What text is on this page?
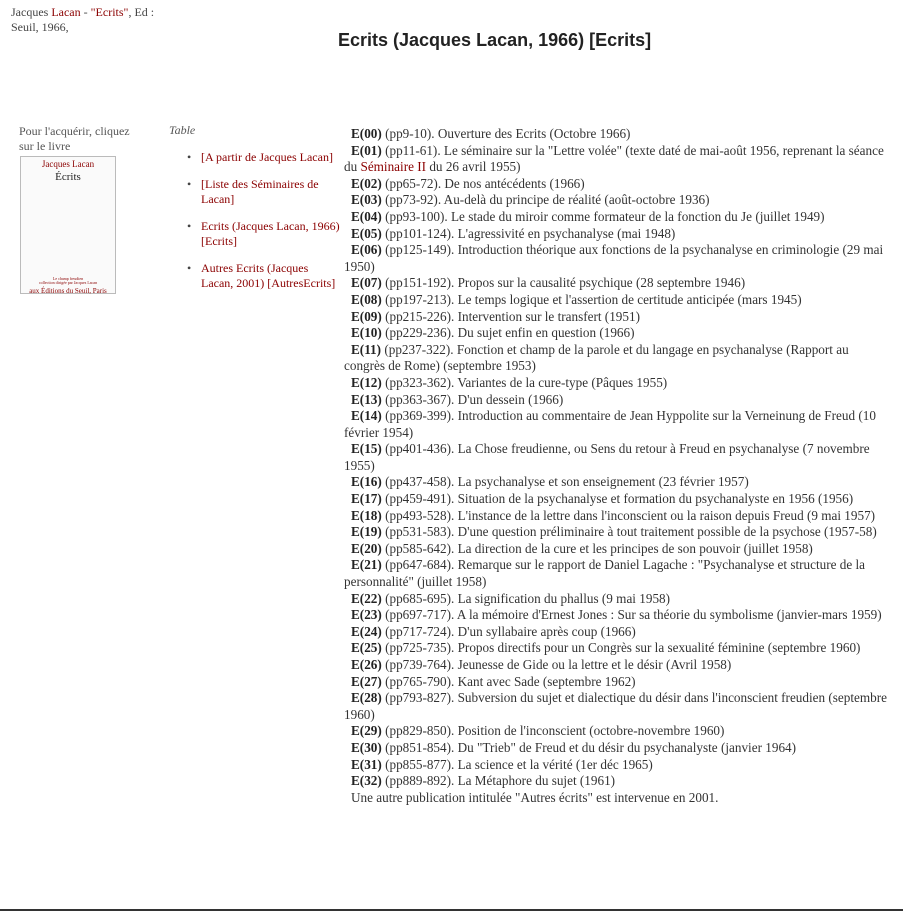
Jacques Lacan - "Ecrits", Ed : Seuil, 1966,
Ecrits (Jacques Lacan, 1966) [Ecrits]
Pour l'acquérir, cliquez sur le livre
Jacques Lacan
Écrits
Le champ freudien
collection dirigée par Jacques Lacan
aux Éditions du Seuil, Paris
Table
• [A partir de Jacques Lacan]
• [Liste des Séminaires de Lacan]
• Ecrits (Jacques Lacan, 1966) [Ecrits]
• Autres Ecrits (Jacques Lacan, 2001) [AutresEcrits]
E(00) (pp9-10). Ouverture des Ecrits (Octobre 1966)
E(01) (pp11-61). Le séminaire sur la "Lettre volée" (texte daté de mai-août 1956, reprenant la séance du Séminaire II du 26 avril 1955)
E(02) (pp65-72). De nos antécédents (1966)
E(03) (pp73-92). Au-delà du principe de réalité (août-octobre 1936)
E(04) (pp93-100). Le stade du miroir comme formateur de la fonction du Je (juillet 1949)
E(05) (pp101-124). L'agressivité en psychanalyse (mai 1948)
E(06) (pp125-149). Introduction théorique aux fonctions de la psychanalyse en criminologie (29 mai 1950)
E(07) (pp151-192). Propos sur la causalité psychique (28 septembre 1946)
E(08) (pp197-213). Le temps logique et l'assertion de certitude anticipée (mars 1945)
E(09) (pp215-226). Intervention sur le transfert (1951)
E(10) (pp229-236). Du sujet enfin en question (1966)
E(11) (pp237-322). Fonction et champ de la parole et du langage en psychanalyse (Rapport au congrès de Rome) (septembre 1953)
E(12) (pp323-362). Variantes de la cure-type (Pâques 1955)
E(13) (pp363-367). D'un dessein (1966)
E(14) (pp369-399). Introduction au commentaire de Jean Hyppolite sur la Verneinung de Freud (10 février 1954)
E(15) (pp401-436). La Chose freudienne, ou Sens du retour à Freud en psychanalyse (7 novembre 1955)
E(16) (pp437-458). La psychanalyse et son enseignement (23 février 1957)
E(17) (pp459-491). Situation de la psychanalyse et formation du psychanalyste en 1956 (1956)
E(18) (pp493-528). L'instance de la lettre dans l'inconscient ou la raison depuis Freud (9 mai 1957)
E(19) (pp531-583). D'une question préliminaire à tout traitement possible de la psychose (1957-58)
E(20) (pp585-642). La direction de la cure et les principes de son pouvoir (juillet 1958)
E(21) (pp647-684). Remarque sur le rapport de Daniel Lagache : "Psychanalyse et structure de la personnalité" (juillet 1958)
E(22) (pp685-695). La signification du phallus (9 mai 1958)
E(23) (pp697-717). A la mémoire d'Ernest Jones : Sur sa théorie du symbolisme (janvier-mars 1959)
E(24) (pp717-724). D'un syllabaire après coup (1966)
E(25) (pp725-735). Propos directifs pour un Congrès sur la sexualité féminine (septembre 1960)
E(26) (pp739-764). Jeunesse de Gide ou la lettre et le désir (Avril 1958)
E(27) (pp765-790). Kant avec Sade (septembre 1962)
E(28) (pp793-827). Subversion du sujet et dialectique du désir dans l'inconscient freudien (septembre 1960)
E(29) (pp829-850). Position de l'inconscient (octobre-novembre 1960)
E(30) (pp851-854). Du "Trieb" de Freud et du désir du psychanalyste (janvier 1964)
E(31) (pp855-877). La science et la vérité (1er déc 1965)
E(32) (pp889-892). La Métaphore du sujet (1961)
Une autre publication intitulée "Autres écrits" est intervenue en 2001.
